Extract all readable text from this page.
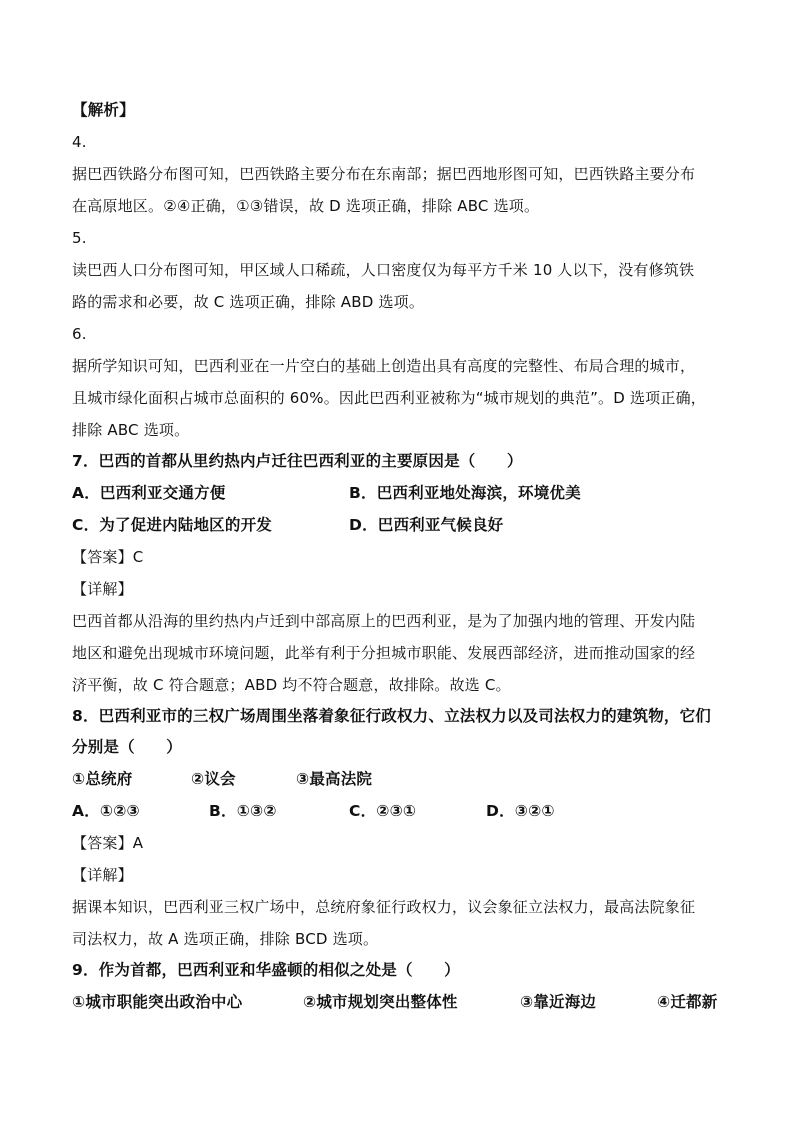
【解析】
4.
据巴西铁路分布图可知，巴西铁路主要分布在东南部；据巴西地形图可知，巴西铁路主要分布
在高原地区。②④正确，①③错误，故 D 选项正确，排除 ABC 选项。
5.
读巴西人口分布图可知，甲区域人口稀疏，人口密度仅为每平方千米 10 人以下，没有修筑铁
路的需求和必要，故 C 选项正确，排除 ABD 选项。
6.
据所学知识可知，巴西利亚在一片空白的基础上创造出具有高度的完整性、布局合理的城市，
且城市绿化面积占城市总面积的 60%。因此巴西利亚被称为“城市规划的典范”。D 选项正确，
排除 ABC 选项。
7．巴西的首都从里约热内卢迁往巴西利亚的主要原因是（　　）
A．巴西利亚交通方便	B．巴西利亚地处海滨，环境优美
C．为了促进内陆地区的开发	D．巴西利亚气候良好
【答案】C
【详解】
巴西首都从沿海的里约热内卢迁到中部高原上的巴西利亚，是为了加强内地的管理、开发内陆
地区和避免出现城市环境问题，此举有利于分担城市职能、发展西部经济，进而推动国家的经
济平衡，故 C 符合题意；ABD 均不符合题意，故排除。故选 C。
8．巴西利亚市的三权广场周围坐落着象征行政权力、立法权力以及司法权力的建筑物，它们
分别是（　　）
①总统府	②议会	③最高法院
A．①②③	B．①③②	C．②③①	D．③②①
【答案】A
【详解】
据课本知识，巴西利亚三权广场中，总统府象征行政权力，议会象征立法权力，最高法院象征
司法权力，故 A 选项正确，排除 BCD 选项。
9．作为首都，巴西利亚和华盛顿的相似之处是（　　）
①城市职能突出政治中心	②城市规划突出整体性	③靠近海边	④迁都新
